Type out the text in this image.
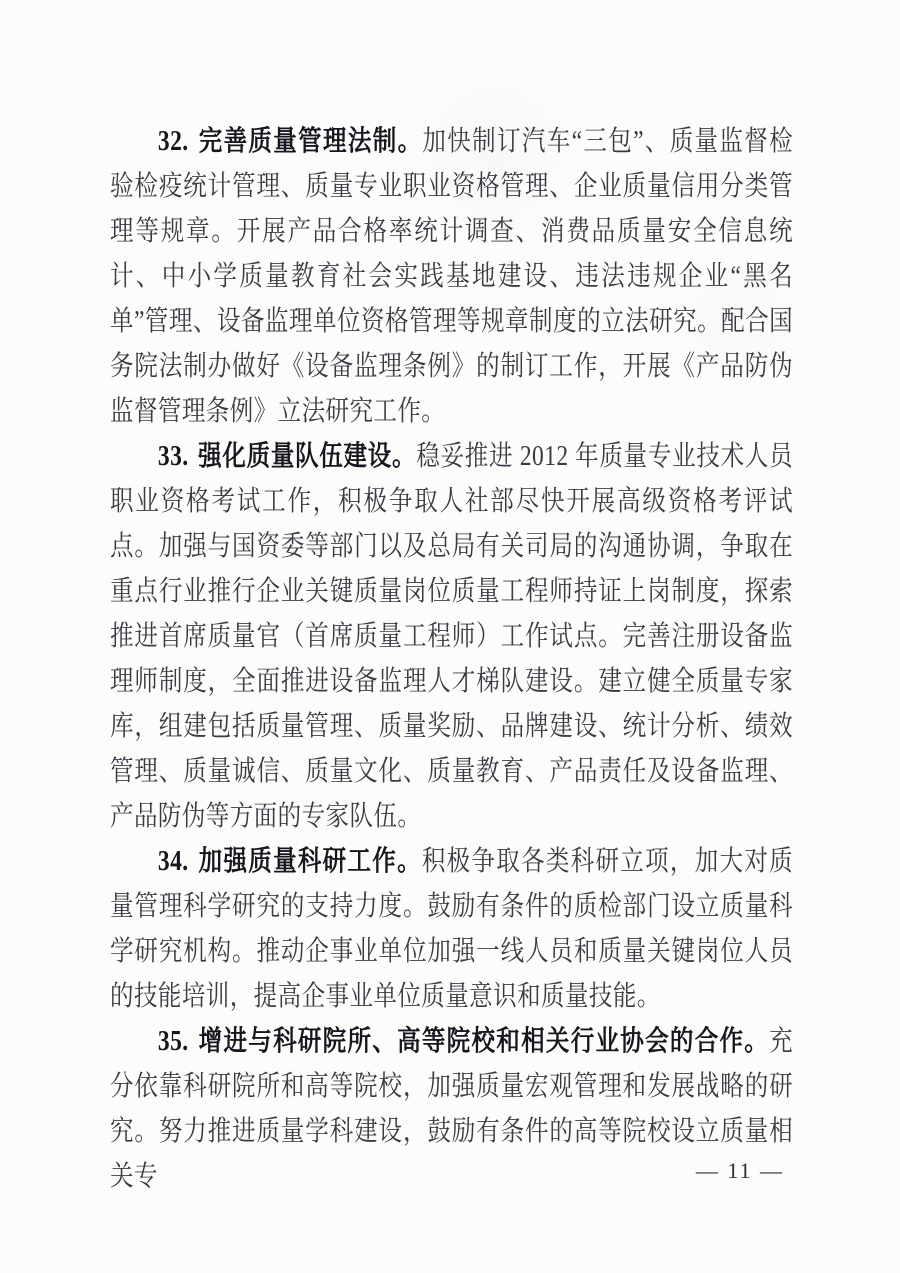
32. 完善质量管理法制。加快制订汽车“三包”、质量监督检验检疫统计管理、质量专业职业资格管理、企业质量信用分类管理等规章。开展产品合格率统计调查、消费品质量安全信息统计、中小学质量教育社会实践基地建设、违法违规企业“黑名单”管理、设备监理单位资格管理等规章制度的立法研究。配合国务院法制办做好《设备监理条例》的制订工作，开展《产品防伪监督管理条例》立法研究工作。

33. 强化质量队伍建设。稳妥推进 2012 年质量专业技术人员职业资格考试工作，积极争取人社部尽快开展高级资格考评试点。加强与国资委等部门以及总局有关司局的沟通协调，争取在重点行业推行企业关键质量岗位质量工程师持证上岗制度，探索推进首席质量官（首席质量工程师）工作试点。完善注册设备监理师制度，全面推进设备监理人才梯队建设。建立健全质量专家库，组建包括质量管理、质量奖励、品牌建设、统计分析、绩效管理、质量诚信、质量文化、质量教育、产品责任及设备监理、产品防伪等方面的专家队伍。

34. 加强质量科研工作。积极争取各类科研立项，加大对质量管理科学研究的支持力度。鼓励有条件的质检部门设立质量科学研究机构。推动企事业单位加强一线人员和质量关键岗位人员的技能培训，提高企事业单位质量意识和质量技能。

35. 增进与科研院所、高等院校和相关行业协会的合作。充分依靠科研院所和高等院校，加强质量宏观管理和发展战略的研究。努力推进质量学科建设，鼓励有条件的高等院校设立质量相关专	— 11 —
